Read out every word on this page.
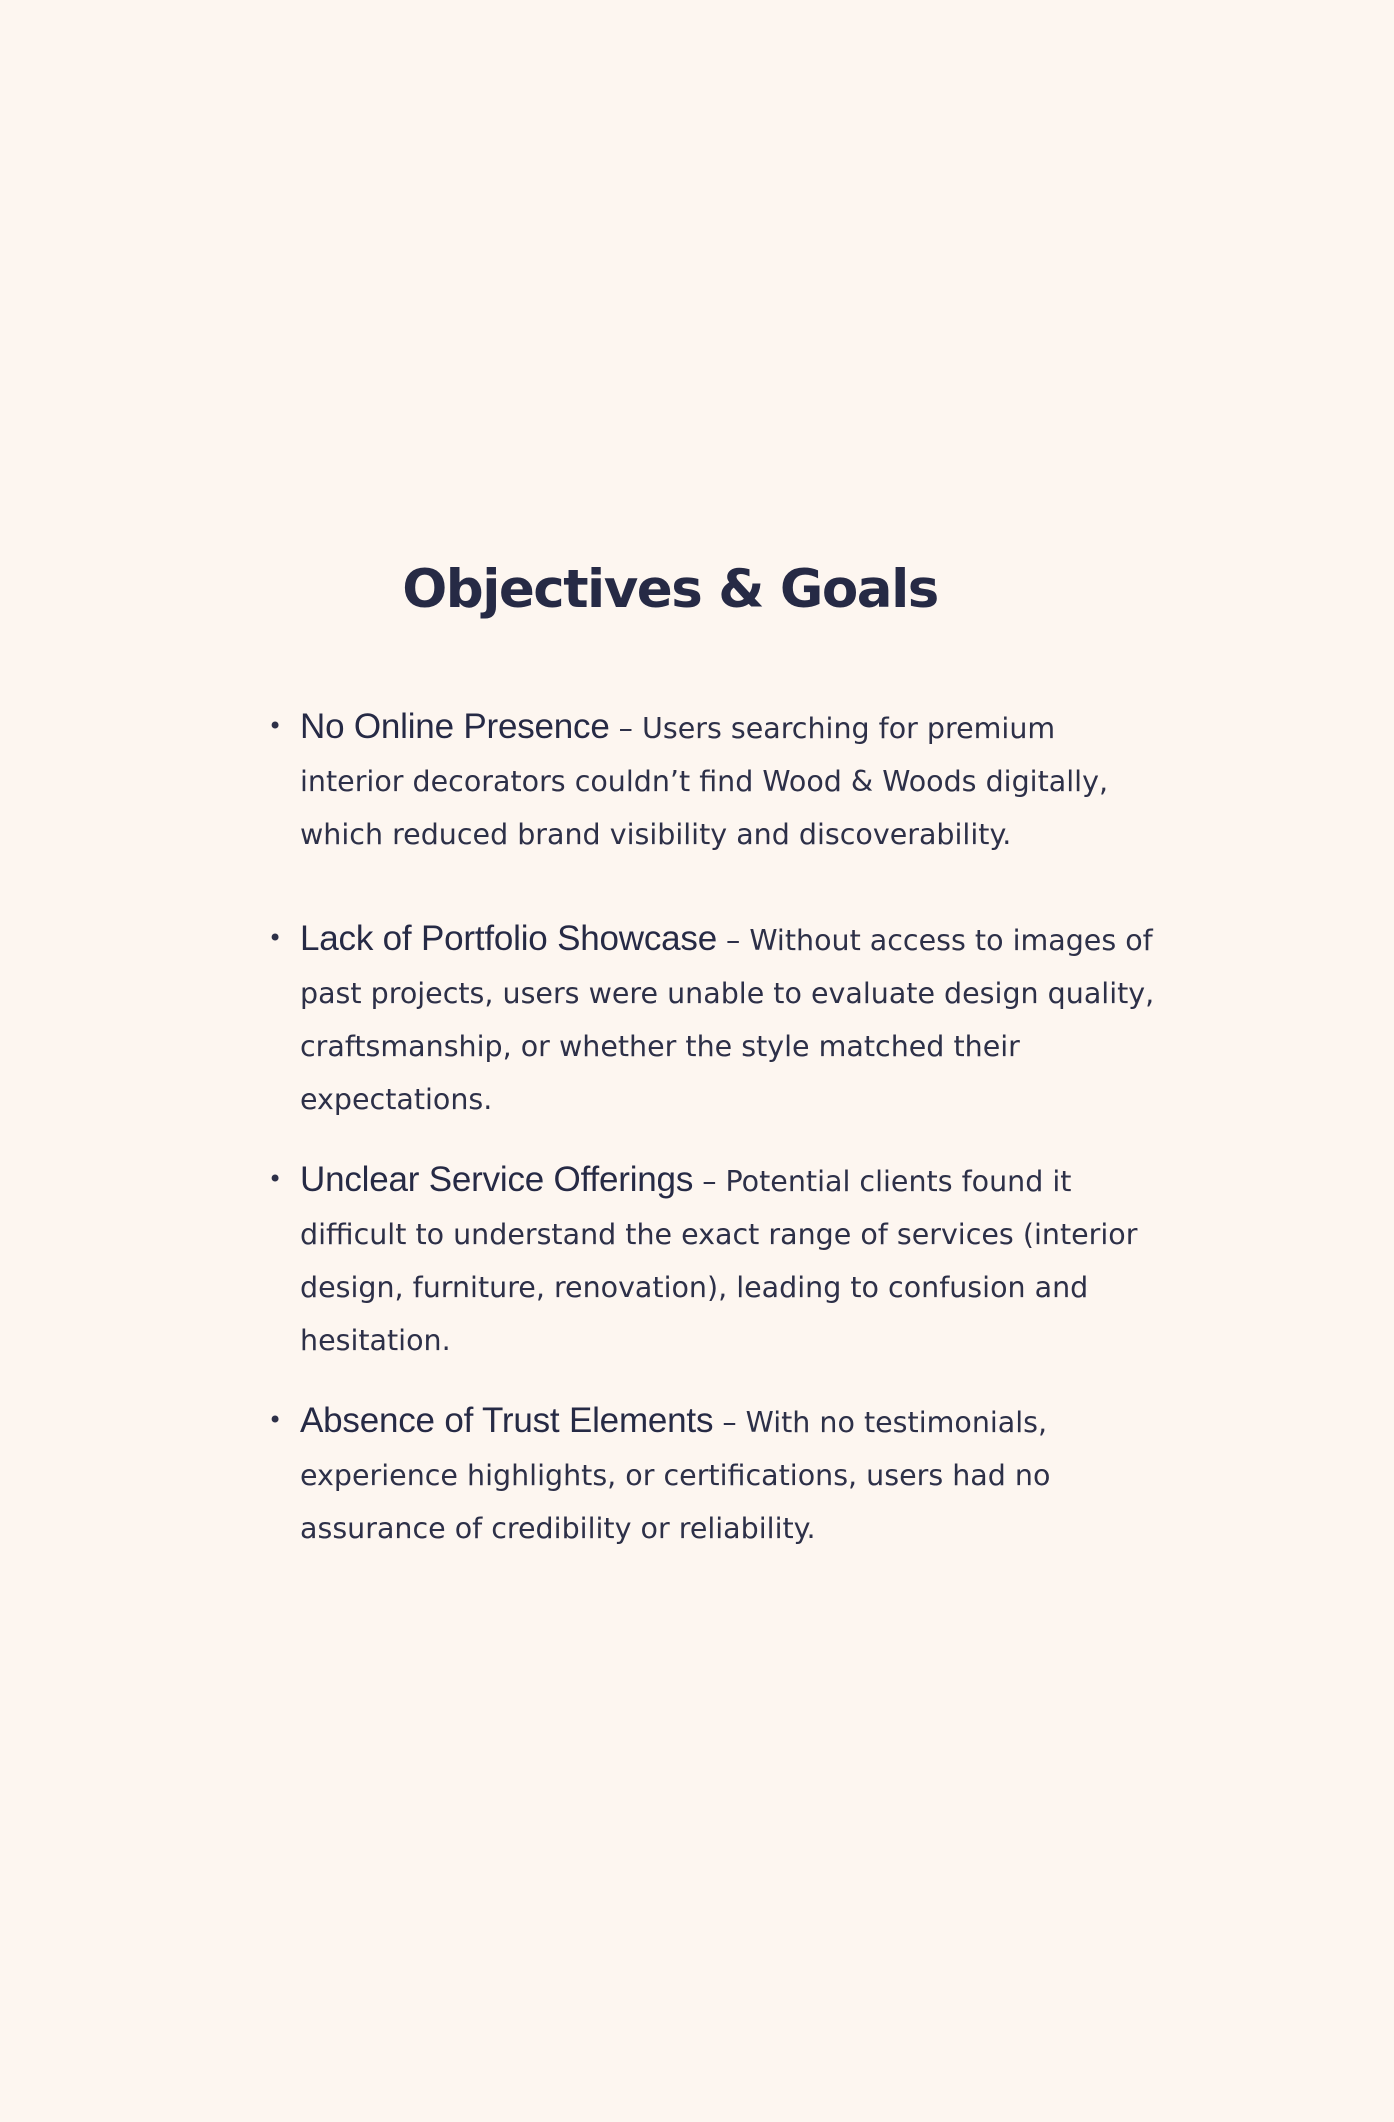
Objectives & Goals
• No Online Presence – Users searching for premium interior decorators couldn’t find Wood & Woods digitally, which reduced brand visibility and discoverability.
• Lack of Portfolio Showcase – Without access to images of past projects, users were unable to evaluate design quality, craftsmanship, or whether the style matched their expectations.
• Unclear Service Offerings – Potential clients found it difficult to understand the exact range of services (interior design, furniture, renovation), leading to confusion and hesitation.
• Absence of Trust Elements – With no testimonials, experience highlights, or certifications, users had no assurance of credibility or reliability.
